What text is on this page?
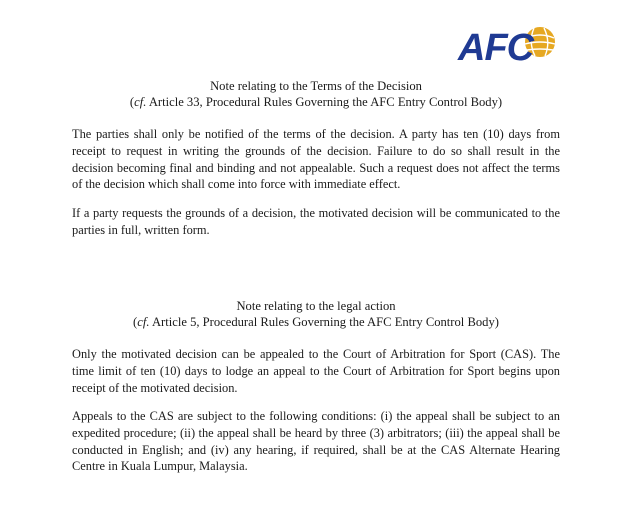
AFC

Note relating to the Terms of the Decision

(cf. Article 33, Procedural Rules Governing the AFC Entry Control Body)

The parties shall only be notified of the terms of the decision. A party has ten (10) days from receipt to request in writing the grounds of the decision. Failure to do so shall result in the decision becoming final and binding and not appealable. Such a request does not affect the terms of the decision which shall come into force with immediate effect.

If a party requests the grounds of a decision, the motivated decision will be communicated to the parties in full, written form.

Note relating to the legal action

(cf. Article 5, Procedural Rules Governing the AFC Entry Control Body)

Only the motivated decision can be appealed to the Court of Arbitration for Sport (CAS). The time limit of ten (10) days to lodge an appeal to the Court of Arbitration for Sport begins upon receipt of the motivated decision.

Appeals to the CAS are subject to the following conditions: (i) the appeal shall be subject to an expedited procedure; (ii) the appeal shall be heard by three (3) arbitrators; (iii) the appeal shall be conducted in English; and (iv) any hearing, if required, shall be at the CAS Alternate Hearing Centre in Kuala Lumpur, Malaysia.
